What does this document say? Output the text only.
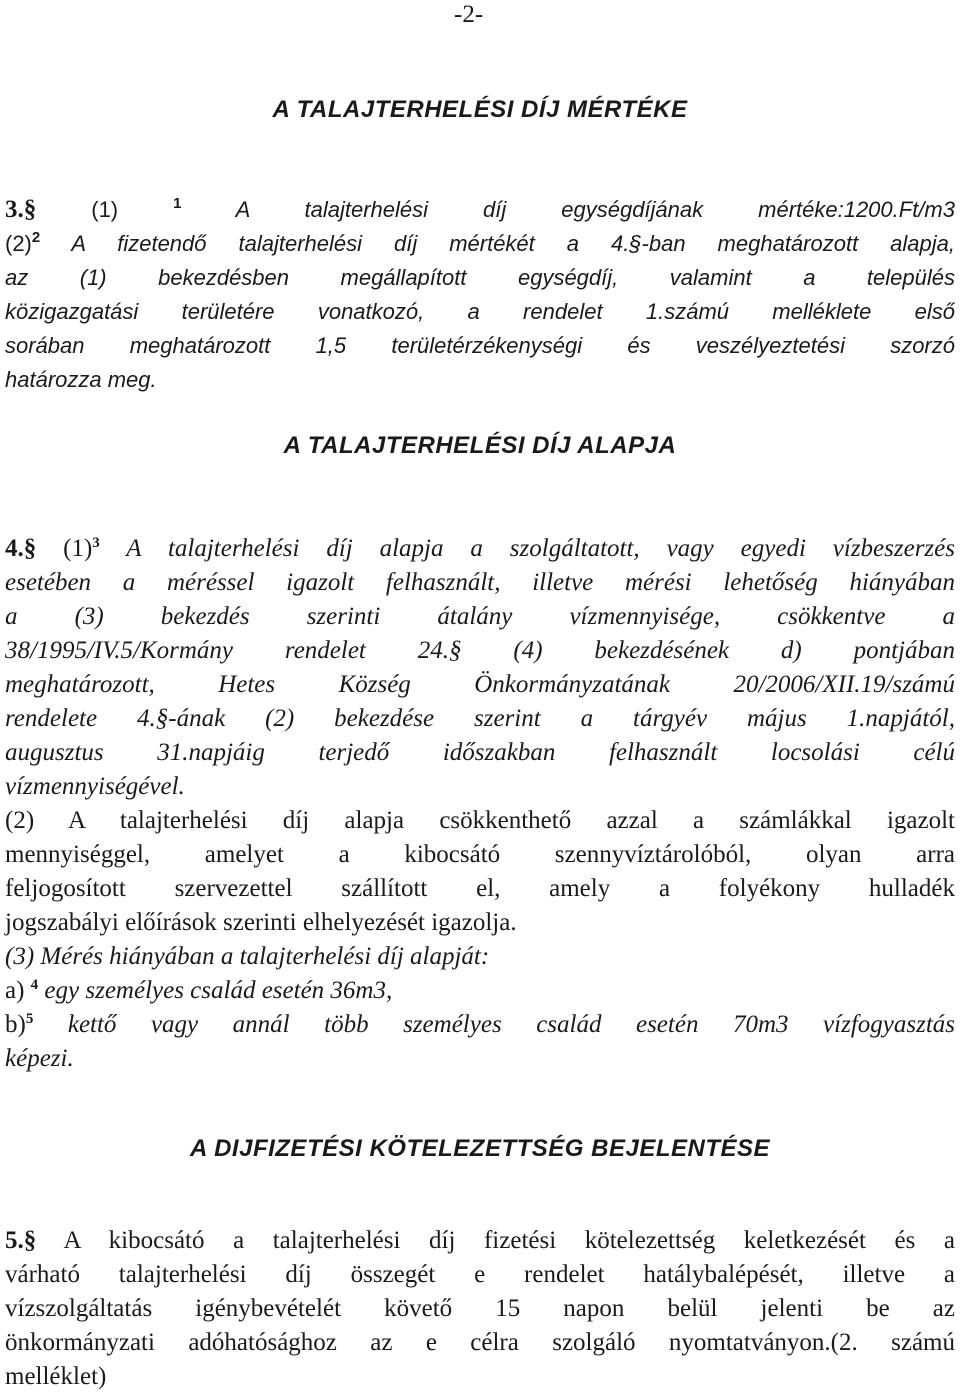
-2-
A TALAJTERHELÉSI DÍJ MÉRTÉKE
3.§ (1) $^1$ A talajterhelési díj egységdíjának mértéke:1200.Ft/m3
$(2)^2$ A fizetendő talajterhelési díj mértékét a 4.§-ban meghatározott alapja,
az (1) bekezdésben megállapított egységdíj, valamint a település
közigazgatási területére vonatkozó, a rendelet 1.számú melléklete első
sorában meghatározott 1,5 területérzékenységi és veszélyeztetési szorzó
határozza meg.
A TALAJTERHELÉSI DÍJ ALAPJA
4.§ $(1)^3$ A talajterhelési díj alapja a szolgáltatott, vagy egyedi vízbeszerzés
esetében a méréssel igazolt felhasznált, illetve mérési lehetőség hiányában
a (3) bekezdés szerinti átalány vízmennyisége, csökkentve a
38/1995/IV.5/Kormány rendelet 24.§ (4) bekezdésének d) pontjában
meghatározott, Hetes Község Önkormányzatának 20/2006/XII.19/számú
rendelete 4.§-ának (2) bekezdése szerint a tárgyév május 1.napjától,
augusztus 31.napjáig terjedő időszakban felhasznált locsolási célú
vízmennyiségével.
(2) A talajterhelési díj alapja csökkenthető azzal a számlákkal igazolt
mennyiséggel, amelyet a kibocsátó szennyvíztárolóból, olyan arra
feljogosított szervezettel szállított el, amely a folyékony hulladék
jogszabályi előírások szerinti elhelyezését igazolja.
(3) Mérés hiányában a talajterhelési díj alapját:
a) $^4$ egy személyes család esetén 36m3,
b)$^5$ kettő vagy annál több személyes család esetén 70m3 vízfogyasztás
képezi.
A DIJFIZETÉSI KÖTELEZETTSÉG BEJELENTÉSE
5.§ A kibocsátó a talajterhelési díj fizetési kötelezettség keletkezését és a
várható talajterhelési díj összegét e rendelet hatálybalépését, illetve a
vízszolgáltatás igénybevételét követő 15 napon belül jelenti be az
önkormányzati adóhatósághoz az e célra szolgáló nyomtatványon.(2. számú
melléklet)
